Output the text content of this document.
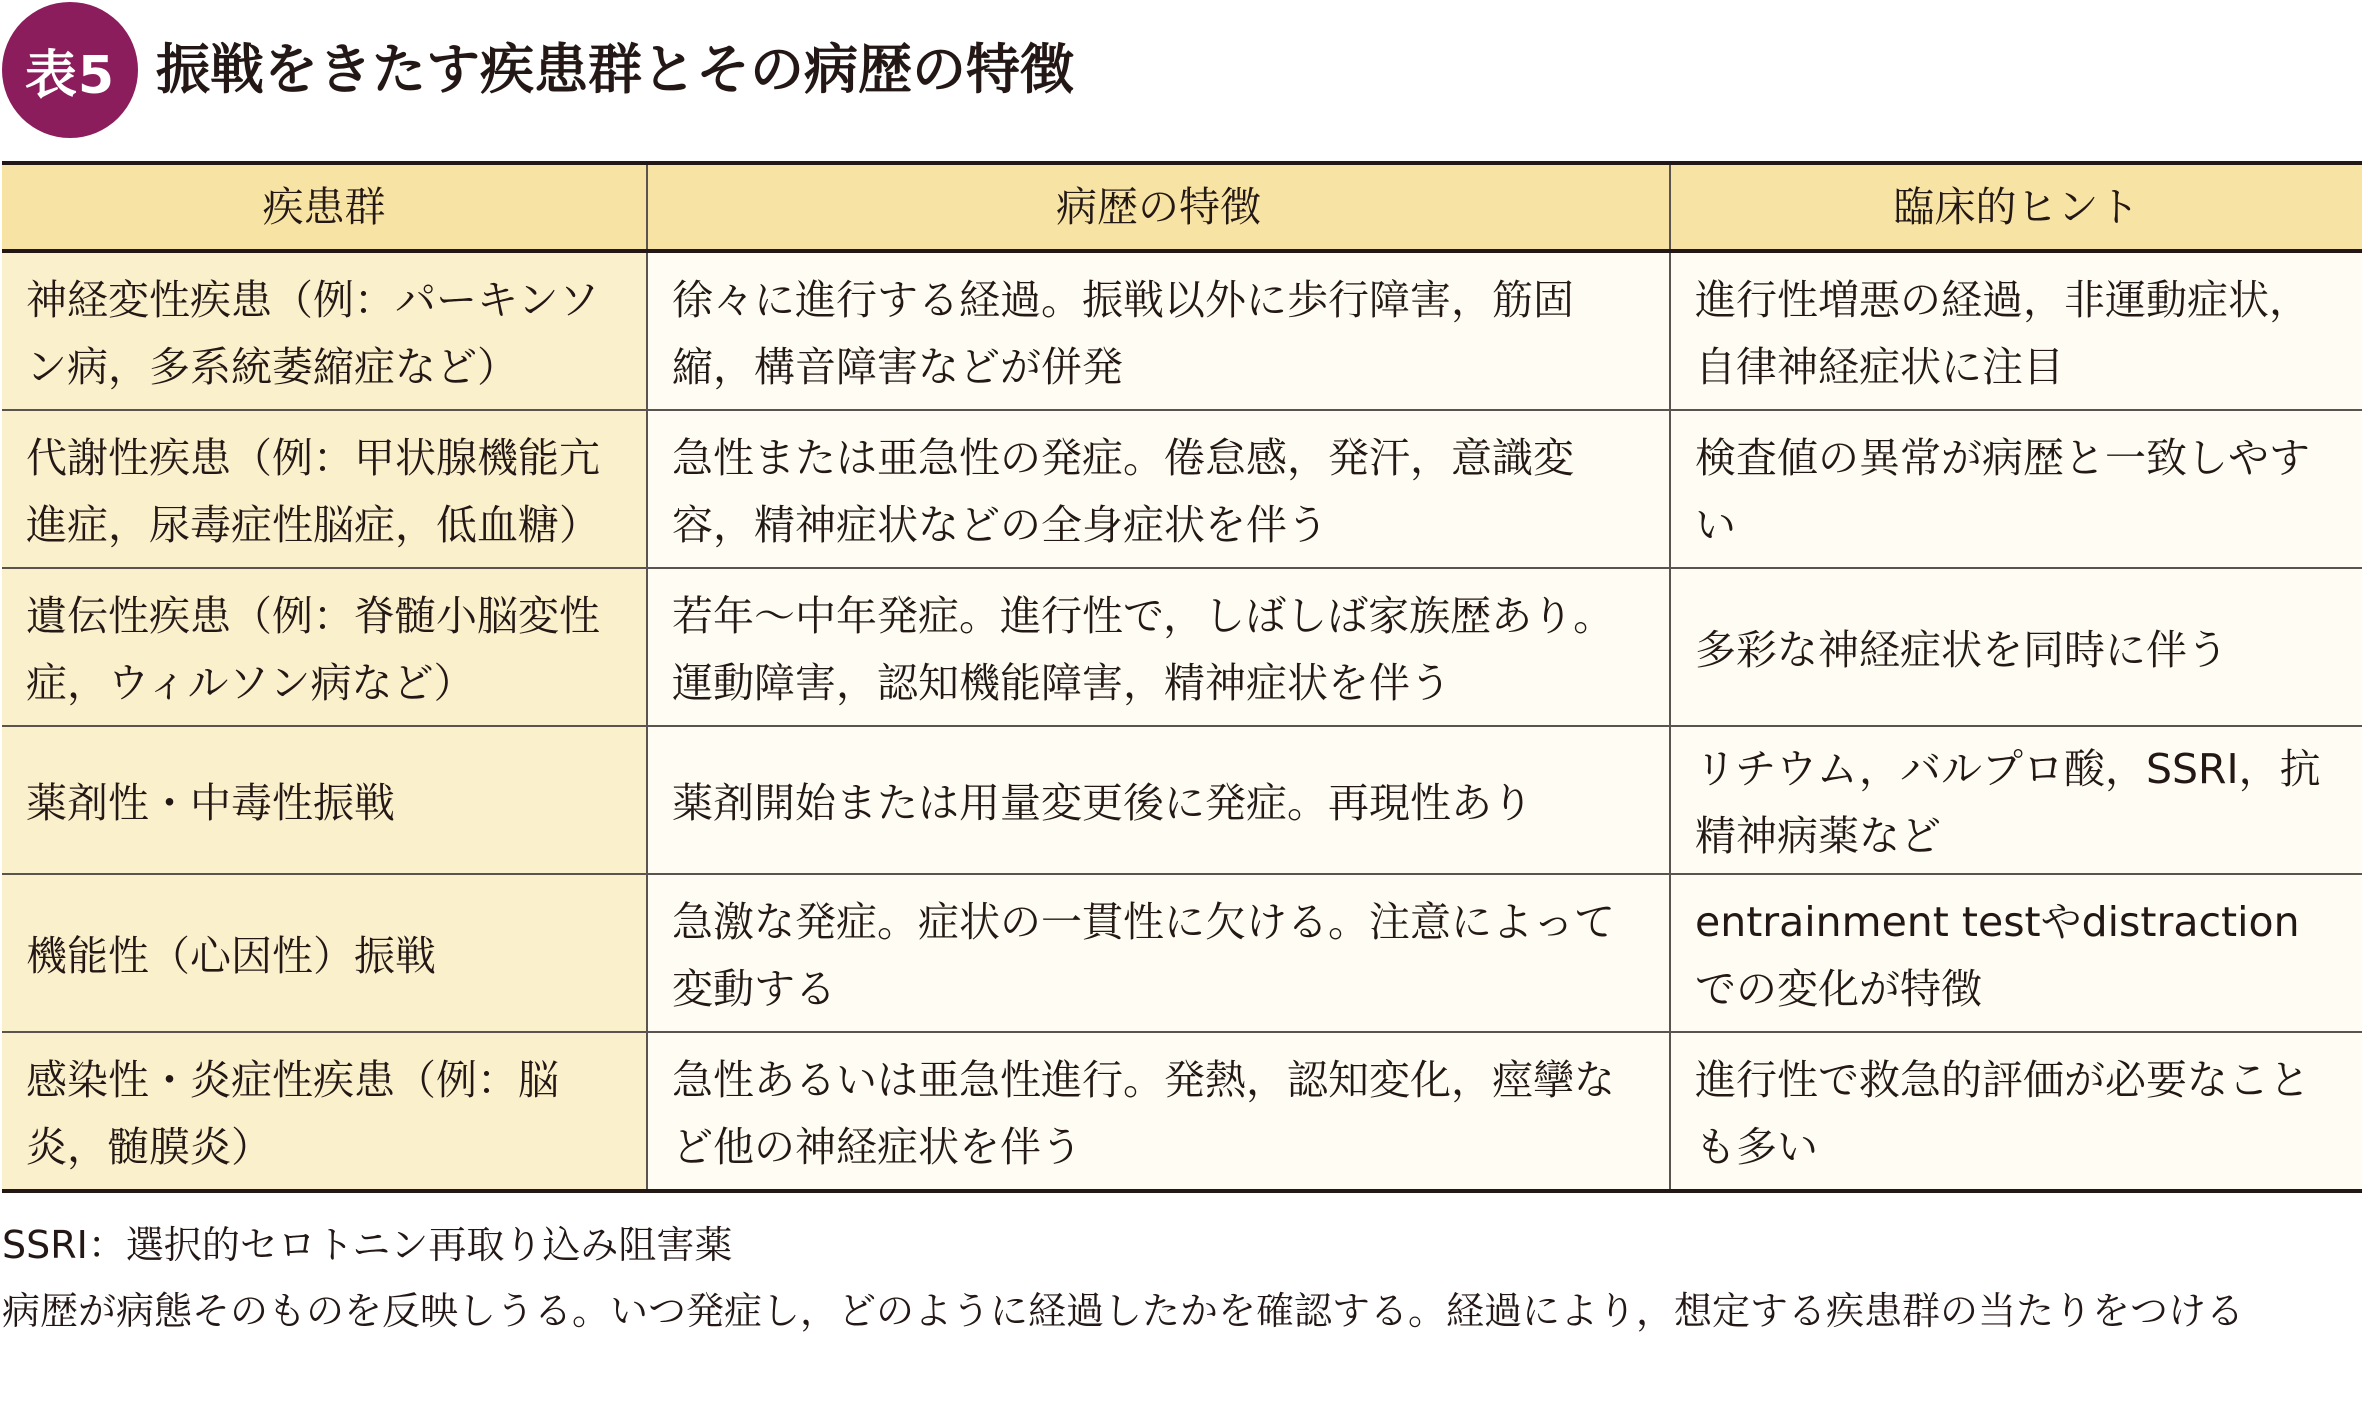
表5 振戦をきたす疾患群とその病歴の特徴
疾患群	病歴の特徴	臨床的ヒント

神経変性疾患（例：パーキンソン病，多系統萎縮症など）	徐々に進行する経過。振戦以外に歩行障害，筋固縮，構音障害などが併発	進行性増悪の経過，非運動症状，自律神経症状に注目

代謝性疾患（例：甲状腺機能亢進症，尿毒症性脳症，低血糖）	急性または亜急性の発症。倦怠感，発汗，意識変容，精神症状などの全身症状を伴う	検査値の異常が病歴と一致しやすい

遺伝性疾患（例：脊髄小脳変性症，ウィルソン病など）	若年〜中年発症。進行性で，しばしば家族歴あり。運動障害，認知機能障害，精神症状を伴う	多彩な神経症状を同時に伴う

薬剤性・中毒性振戦	薬剤開始または用量変更後に発症。再現性あり	リチウム，バルプロ酸，SSRI，抗精神病薬など

機能性（心因性）振戦	急激な発症。症状の一貫性に欠ける。注意によって変動する	entrainment testやdistractionでの変化が特徴

感染性・炎症性疾患（例：脳炎，髄膜炎）	急性あるいは亜急性進行。発熱，認知変化，痙攣など他の神経症状を伴う	進行性で救急的評価が必要なことも多い
SSRI：選択的セロトニン再取り込み阻害薬
病歴が病態そのものを反映しうる。いつ発症し，どのように経過したかを確認する。経過により，想定する疾患群の当たりをつける
